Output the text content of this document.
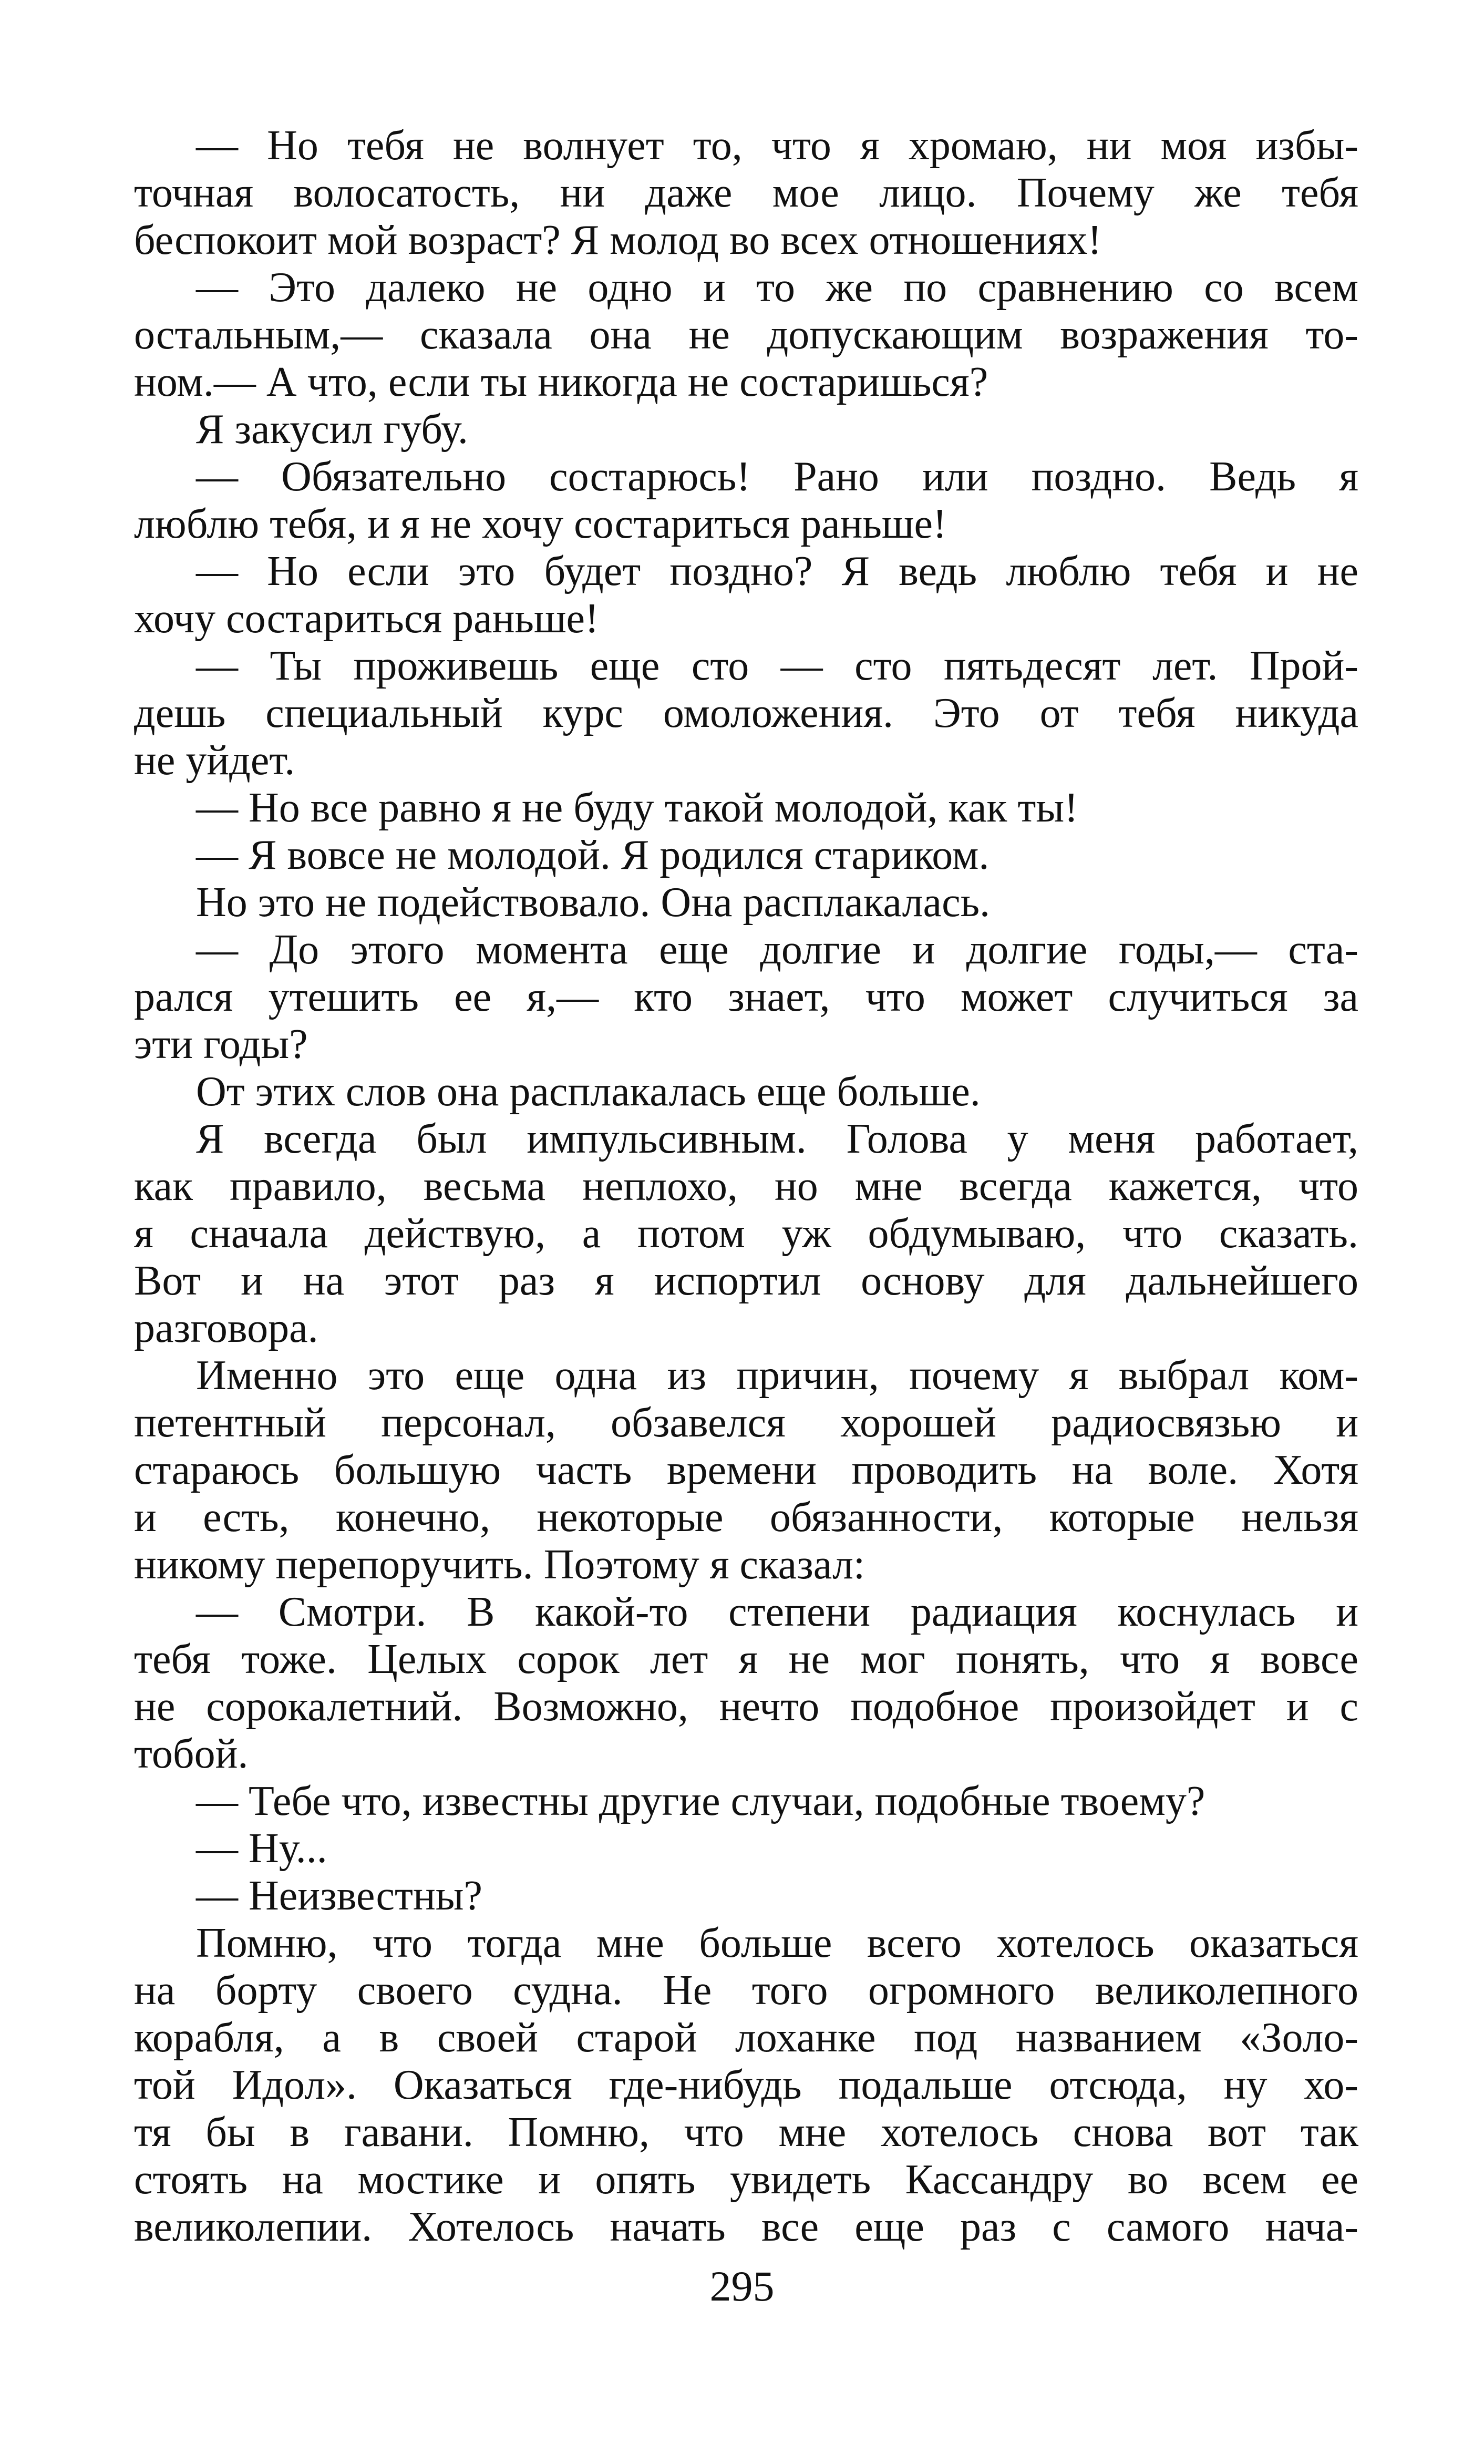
— Но тебя не волнует то, что я хромаю, ни моя избы-
точная волосатость, ни даже мое лицо. Почему же тебя
беспокоит мой возраст? Я молод во всех отношениях!
— Это далеко не одно и то же по сравнению со всем
остальным,— сказала она не допускающим возражения то-
ном.— А что, если ты никогда не состаришься?
Я закусил губу.
— Обязательно состарюсь! Рано или поздно. Ведь я
люблю тебя, и я не хочу состариться раньше!
— Но если это будет поздно? Я ведь люблю тебя и не
хочу состариться раньше!
— Ты проживешь еще сто — сто пятьдесят лет. Прой-
дешь специальный курс омоложения. Это от тебя никуда
не уйдет.
— Но все равно я не буду такой молодой, как ты!
— Я вовсе не молодой. Я родился стариком.
Но это не подействовало. Она расплакалась.
— До этого момента еще долгие и долгие годы,— ста-
рался утешить ее я,— кто знает, что может случиться за
эти годы?
От этих слов она расплакалась еще больше.
Я всегда был импульсивным. Голова у меня работает,
как правило, весьма неплохо, но мне всегда кажется, что
я сначала действую, а потом уж обдумываю, что сказать.
Вот и на этот раз я испортил основу для дальнейшего
разговора.
Именно это еще одна из причин, почему я выбрал ком-
петентный персонал, обзавелся хорошей радиосвязью и
стараюсь большую часть времени проводить на воле. Хотя
и есть, конечно, некоторые обязанности, которые нельзя
никому перепоручить. Поэтому я сказал:
— Смотри. В какой-то степени радиация коснулась и
тебя тоже. Целых сорок лет я не мог понять, что я вовсе
не сорокалетний. Возможно, нечто подобное произойдет и с
тобой.
— Тебе что, известны другие случаи, подобные твоему?
— Ну...
— Неизвестны?
Помню, что тогда мне больше всего хотелось оказаться
на борту своего судна. Не того огромного великолепного
корабля, а в своей старой лоханке под названием «Золо-
той Идол». Оказаться где-нибудь подальше отсюда, ну хо-
тя бы в гавани. Помню, что мне хотелось снова вот так
стоять на мостике и опять увидеть Кассандру во всем ее
великолепии. Хотелось начать все еще раз с самого нача-
295
